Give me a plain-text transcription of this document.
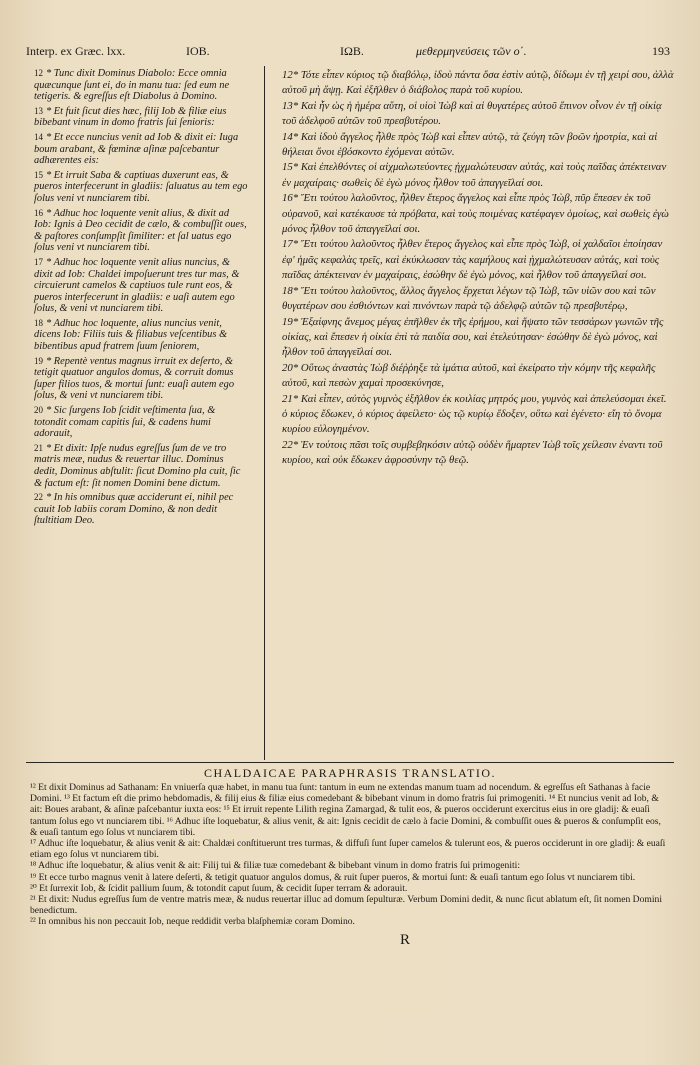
Interp. ex Græc. lxx.	IOB.	IΩB.	μεθερμηνεύσεις τῶν ο΄.	193

12 * Tunc dixit Dominus Diabolo: Ecce omnia quæcunque ſunt ei, do in manu tua: ſed eum ne tetigeris. & egreſſus eſt Diabolus à Domino.

13 * Et fuit ſicut dies hæc, filij Iob & filiæ eius bibebant vinum in domo fratris ſui ſenioris:

14 * Et ecce nuncius venit ad Iob & dixit ei: Iuga boum arabant, & fœminæ aſinæ paſcebantur adhærentes eis:

15 * Et irruit Saba & captiuas duxerunt eas, & pueros interfecerunt in gladiis: ſaluatus au tem ego ſolus veni vt nunciarem tibi.

16 * Adhuc hoc loquente venit alius, & dixit ad Iob: Ignis à Deo cecidit de cælo, & combuſſit oues, & paſtores conſumpſit ſimiliter: et ſal uatus ego ſolus veni vt nunciarem tibi.

17 * Adhuc hoc loquente venit alius nuncius, & dixit ad Iob: Chaldei impoſuerunt tres tur mas, & circuierunt camelos & captiuos tule runt eos, & pueros interfecerunt in gladiis: e uaſi autem ego ſolus, & veni vt nunciarem tibi.

18 * Adhuc hoc loquente, alius nuncius venit, dicens Iob: Filiis tuis & filiabus veſcentibus & bibentibus apud fratrem ſuum ſeniorem,

19 * Repentè ventus magnus irruit ex deſerto, & tetigit quatuor angulos domus, & corruit domus ſuper filios tuos, & mortui ſunt: euaſi autem ego ſolus, & veni vt nunciarem tibi.

20 * Sic ſurgens Iob ſcidit veſtimenta ſua, & totondit comam capitis ſui, & cadens humi adorauit,

21 * Et dixit: Ipſe nudus egreſſus ſum de ve tro matris meæ, nudus & reuertar illuc. Dominus dedit, Dominus abſtulit: ſicut Domino pla cuit, ſic & factum eſt: ſit nomen Domini bene dictum.

22 * In his omnibus quæ acciderunt ei, nihil pec cauit Iob labiis coram Domino, & non dedit ſtultitiam Deo.

12* Τότε εἶπεν κύριος τῷ διαβόλῳ, ἰδοὺ πάντα ὅσα ἐστὶν αὐτῷ, δίδωμι ἐν τῇ χειρί σου, ἀλλὰ αὐτοῦ μὴ ἅψῃ. Καὶ ἐξῆλθεν ὁ διάβολος παρὰ τοῦ κυρίου.

13* Καὶ ἦν ὡς ἡ ἡμέρα αὕτη, οἱ υἱοὶ Ἰὼβ καὶ αἱ θυγατέρες αὐτοῦ ἔπινον οἶνον ἐν τῇ οἰκίᾳ τοῦ ἀδελφοῦ αὐτῶν τοῦ πρεσβυτέρου.

14* Καὶ ἰδοὺ ἄγγελος ἦλθε πρὸς Ἰὼβ καὶ εἶπεν αὐτῷ, τὰ ζεύγη τῶν βοῶν ἠροτρία, καὶ αἱ θήλειαι ὄνοι ἐβόσκοντο ἐχόμεναι αὐτῶν.

15* Καὶ ἐπελθόντες οἱ αἰχμαλωτεύοντες ᾐχμαλώτευσαν αὐτάς, καὶ τοὺς παῖδας ἀπέκτειναν ἐν μαχαίραις· σωθεὶς δὲ ἐγὼ μόνος ἦλθον τοῦ ἀπαγγεῖλαί σοι.

16* Ἔτι τούτου λαλοῦντος, ἦλθεν ἕτερος ἄγγελος καὶ εἶπε πρὸς Ἰὼβ, πῦρ ἔπεσεν ἐκ τοῦ οὐρανοῦ, καὶ κατέκαυσε τὰ πρόβατα, καὶ τοὺς ποιμένας κατέφαγεν ὁμοίως, καὶ σωθεὶς ἐγὼ μόνος ἦλθον τοῦ ἀπαγγεῖλαί σοι.

17* Ἔτι τούτου λαλοῦντος ἦλθεν ἕτερος ἄγγελος καὶ εἶπε πρὸς Ἰὼβ, οἱ χαλδαῖοι ἐποίησαν ἐφ' ἡμᾶς κεφαλὰς τρεῖς, καὶ ἐκύκλωσαν τὰς καμήλους καὶ ᾐχμαλώτευσαν αὐτάς, καὶ τοὺς παῖδας ἀπέκτειναν ἐν μαχαίραις, ἐσώθην δὲ ἐγὼ μόνος, καὶ ἦλθον τοῦ ἀπαγγεῖλαί σοι.

18* Ἔτι τούτου λαλοῦντος, ἄλλος ἄγγελος ἔρχεται λέγων τῷ Ἰὼβ, τῶν υἱῶν σου καὶ τῶν θυγατέρων σου ἐσθιόντων καὶ πινόντων παρὰ τῷ ἀδελφῷ αὐτῶν τῷ πρεσβυτέρῳ,

19* Ἐξαίφνης ἄνεμος μέγας ἐπῆλθεν ἐκ τῆς ἐρήμου, καὶ ἥψατο τῶν τεσσάρων γωνιῶν τῆς οἰκίας, καὶ ἔπεσεν ἡ οἰκία ἐπὶ τὰ παιδία σου, καὶ ἐτελεύτησαν· ἐσώθην δὲ ἐγὼ μόνος, καὶ ἦλθον τοῦ ἀπαγγεῖλαί σοι.

20* Οὕτως ἀναστὰς Ἰὼβ διέῤῥηξε τὰ ἱμάτια αὐτοῦ, καὶ ἐκείρατο τὴν κόμην τῆς κεφαλῆς αὐτοῦ, καὶ πεσὼν χαμαὶ προσεκύνησε,

21* Καὶ εἶπεν, αὐτὸς γυμνὸς ἐξῆλθον ἐκ κοιλίας μητρός μου, γυμνὸς καὶ ἀπελεύσομαι ἐκεῖ. ὁ κύριος ἔδωκεν, ὁ κύριος ἀφείλετο· ὡς τῷ κυρίῳ ἔδοξεν, οὕτω καὶ ἐγένετο· εἴη τὸ ὄνομα κυρίου εὐλογημένον.

22* Ἐν τούτοις πᾶσι τοῖς συμβεβηκόσιν αὐτῷ οὐδὲν ἥμαρτεν Ἰὼβ τοῖς χείλεσιν ἐναντι τοῦ κυρίου, καὶ οὐκ ἔδωκεν ἀφροσύνην τῷ θεῷ.

CHALDAICAE PARAPHRASIS TRANSLATIO.

¹² Et dixit Dominus ad Sathanam: En vniuerſa quæ habet, in manu tua ſunt: tantum in eum ne extendas manum tuam ad nocendum. & egreſſus eſt Sathanas à facie Domini. ¹³ Et factum eſt die primo hebdomadis, & filij eius & filiæ eius comedebant & bibebant vinum in domo fratris ſui primogeniti. ¹⁴ Et nuncius venit ad Iob, & ait: Boues arabant, & aſinæ paſcebantur iuxta eos: ¹⁵ Et irruit repente Lilith regina Zamargad, & tulit eos, & pueros occiderunt exercitus eius in ore gladij: & euaſi tantum ſolus ego vt nunciarem tibi. ¹⁶ Adhuc iſte loquebatur, & alius venit, & ait: Ignis cecidit de cælo à facie Domini, & combuſſit oues & pueros & conſumpſit eos, & euaſi tantum ego ſolus vt nunciarem tibi.

¹⁷ Adhuc iſte loquebatur, & alius venit & ait: Chaldæi conſtituerunt tres turmas, & diffuſi ſunt ſuper camelos & tulerunt eos, & pueros occiderunt in ore gladij: & euaſi etiam ego ſolus vt nunciarem tibi.

¹⁸ Adhuc iſte loquebatur, & alius venit & ait: Filij tui & filiæ tuæ comedebant & bibebant vinum in domo fratris ſui primogeniti:

¹⁹ Et ecce turbo magnus venit à latere deſerti, & tetigit quatuor angulos domus, & ruit ſuper pueros, & mortui ſunt: & euaſi tantum ego ſolus vt nunciarem tibi.

²⁰ Et ſurrexit Iob, & ſcidit pallium ſuum, & totondit caput ſuum, & cecidit ſuper terram & adorauit.

²¹ Et dixit: Nudus egreſſus ſum de ventre matris meæ, & nudus reuertar illuc ad domum ſepulturæ. Verbum Domini dedit, & nunc ſicut ablatum eſt, ſit nomen Domini benedictum.

²² In omnibus his non peccauit Iob, neque reddidit verba blaſphemiæ coram Domino.

R
